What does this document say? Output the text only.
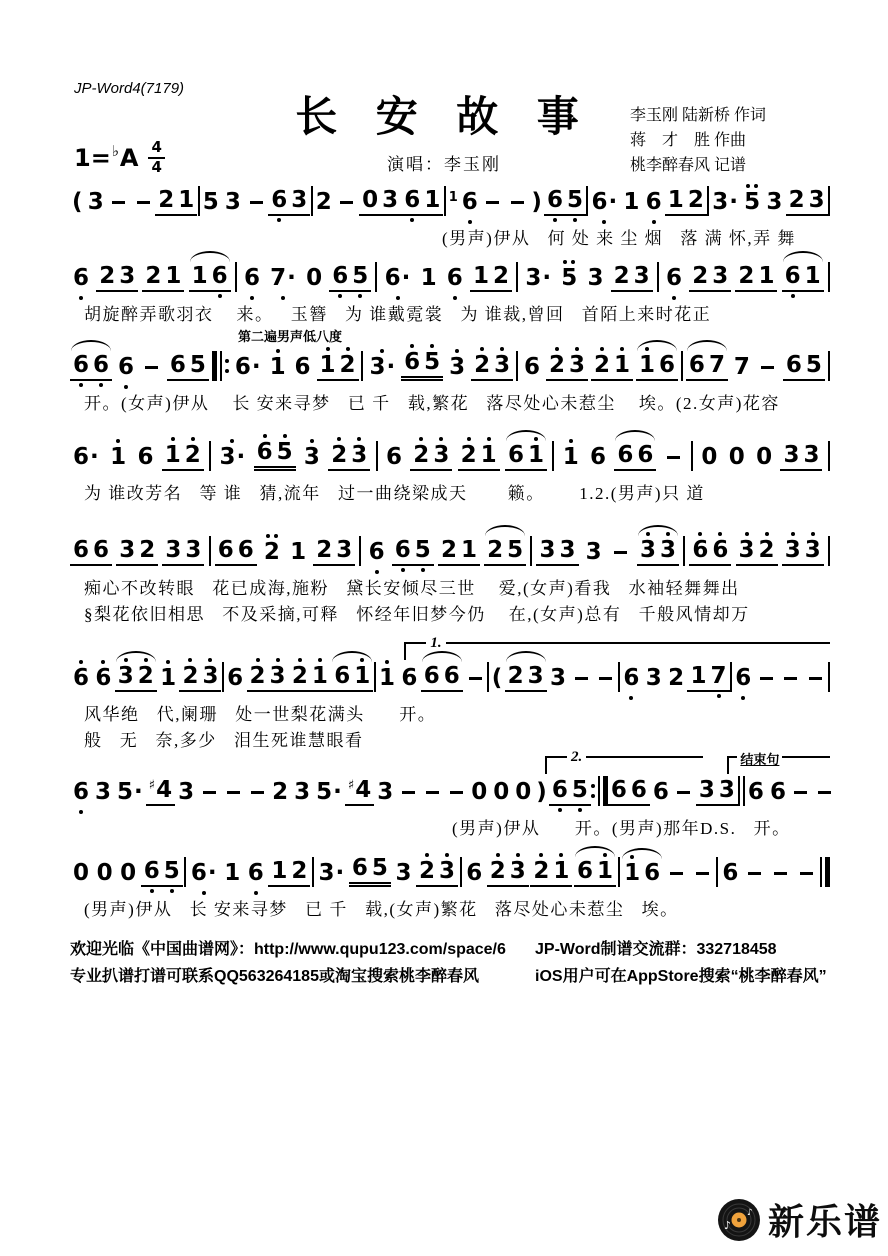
JP-Word4(7179)
长 安 故 事
演唱：李玉刚
李玉刚 陆新桥 作词
蒋    才    胜 作曲
桃李醉春风 记谱
1= ♭ A $\frac{4}{4}$
( 3 2 1 5 3 6 3 2 0 3 6 1 1 6 ) 6 5 6· 1 6 1 2 3· 5 3 2 3
(男声)伊从   何 处 来 尘 烟   落 满 怀,弄 舞
6 2 3 2 1 1 6 6 7· 0 6 5 6· 1 6 1 2 3· 5 3 2 3 6 2 3 2 1 6 1
胡旋醉弄歌羽衣    来。   玉簪   为 谁戴霓裳   为 谁裁,曾回   首陌上来时花正
第二遍男声低八度
6 6 6 6 5 6· 1 6 1 2 3· 6 5 3 2 3 6 2 3 2 1 1 6 6 7 7 6 5
开。(女声)伊从    长 安来寻梦   已 千   载,繁花   落尽处心未惹尘    埃。(2.女声)花容
6· 1 6 1 2 3· 6 5 3 2 3 6 2 3 2 1 6 1 1 6 6 6 0 0 0 3 3
为 谁改芳名   等 谁   猜,流年   过一曲绕梁成天       籁。      1.2.(男声)只 道
6 6 3 2 3 3 6 6 2 1 2 3 6 6 5 2 1 2 5 3 3 3 3 3 6 6 3 2 3 3
痴心不改转眼   花已成海,施粉   黛长安倾尽三世    爱,(女声)看我   水袖轻舞舞出
§梨花依旧相思   不及采摘,可释   怀经年旧梦今仍    在,(女声)总有   千般风情却万
1.
6 6 3 2 1 2 3 6 2 3 2 1 6 1 1 6 6 6 ( 2 3 3 6 3 2 1 7 6
风华绝   代,阑珊   处一世梨花满头      开。
般   无   奈,多少   泪生死谁慧眼看
2.	$^{结束句}$
6 3 5· ♯4 3	2 3 5· ♯4 3	0 0 0 ) 6 5 6 6 6 3 3 6 6
(男声)伊从      开。(男声)那年D.S.   开。
0 0 0 6 5 6· 1 6 1 2 3· 6 5 3 2 3 6 2 3 2 1 6 1 1 6	6
(男声)伊从   长 安来寻梦   已 千   载,(女声)繁花   落尽处心未惹尘   埃。
欢迎光临《中国曲谱网》：http://www.qupu123.com/space/6
专业扒谱打谱可联系QQ563264185或淘宝搜索桃李醉春风
JP-Word制谱交流群：332718458
iOS用户可在AppStore搜索“桃李醉春风”
♪
♪ 新乐谱
